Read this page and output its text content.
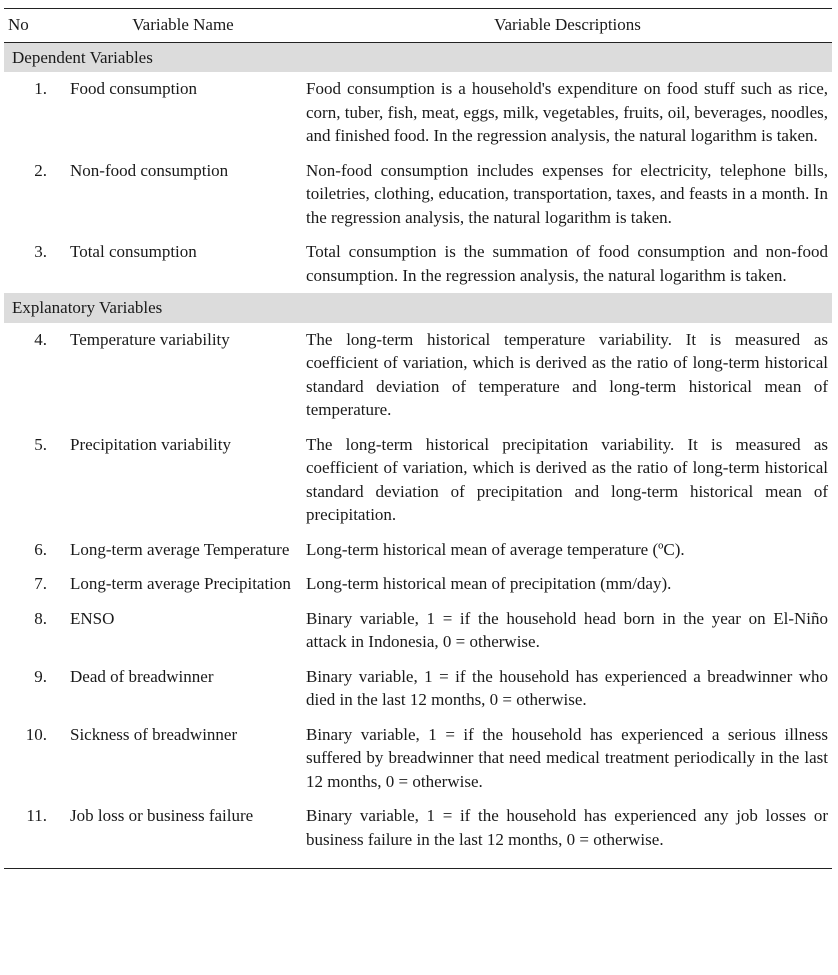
No	Variable Name	Variable Descriptions
Dependent Variables		
1.	Food consumption	Food consumption is a household's expenditure on food stuff such as rice, corn, tuber, fish, meat, eggs, milk, vegetables, fruits, oil, beverages, noodles, and finished food. In the regression analysis, the natural logarithm is taken.
2.	Non-food consumption	Non-food consumption includes expenses for electricity, telephone bills, toiletries, clothing, education, transportation, taxes, and feasts in a month. In the regression analysis, the natural logarithm is taken.
3.	Total consumption	Total consumption is the summation of food consumption and non-food consumption. In the regression analysis, the natural logarithm is taken.
Explanatory Variables		
4.	Temperature variability	The long-term historical temperature variability. It is measured as coefficient of variation, which is derived as the ratio of long-term historical standard deviation of temperature and long-term historical mean of temperature.
5.	Precipitation variability	The long-term historical precipitation variability. It is measured as coefficient of variation, which is derived as the ratio of long-term historical standard deviation of precipitation and long-term historical mean of precipitation.
6.	Long-term average Temperature	Long-term historical mean of average temperature (ºC).
7.	Long-term average Precipitation	Long-term historical mean of precipitation (mm/day).
8.	ENSO	Binary variable, 1 = if the household head born in the year on El-Niño attack in Indonesia, 0 = otherwise.
9.	Dead of breadwinner	Binary variable, 1 = if the household has experienced a breadwinner who died in the last 12 months, 0 = otherwise.
10.	Sickness of breadwinner	Binary variable, 1 = if the household has experienced a serious illness suffered by breadwinner that need medical treatment periodically in the last 12 months, 0 = otherwise.
11.	Job loss or business failure	Binary variable, 1 = if the household has experienced any job losses or business failure in the last 12 months, 0 = otherwise.
